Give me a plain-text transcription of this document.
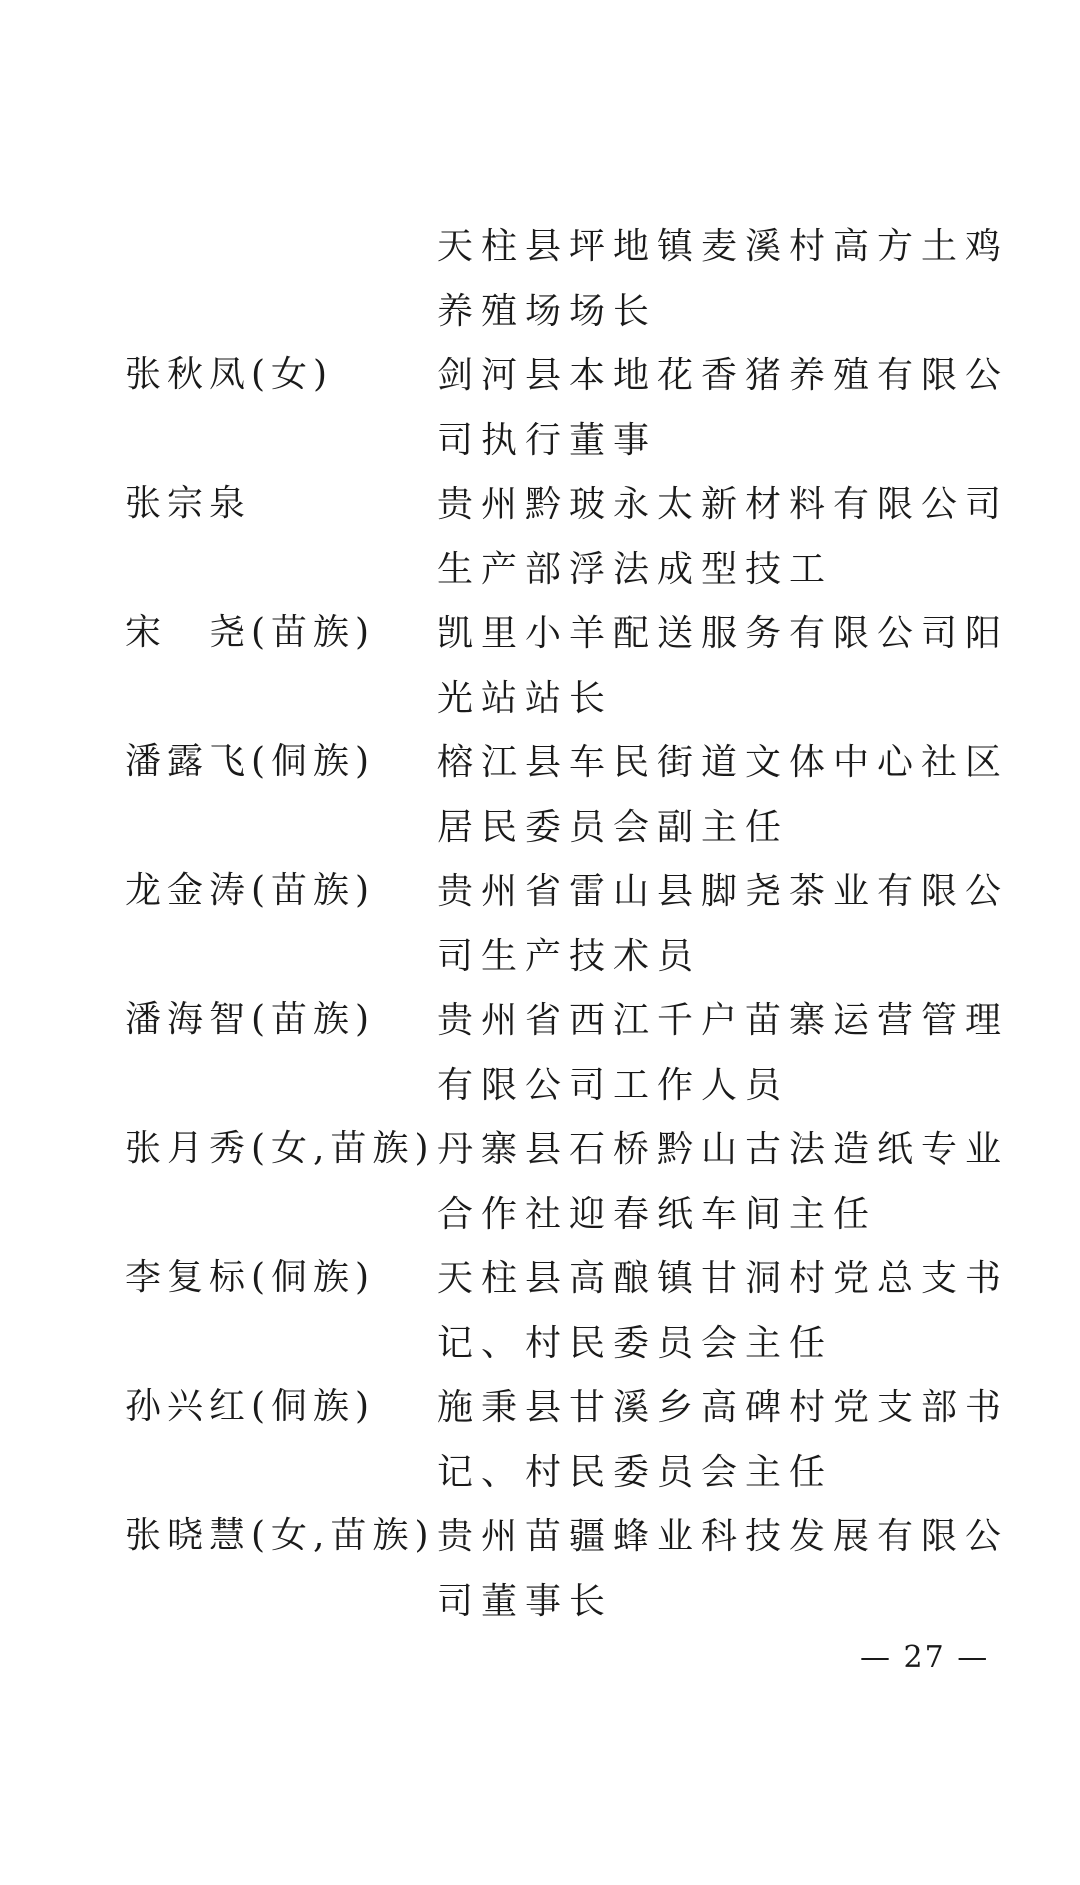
天柱县坪地镇麦溪村高方土鸡养殖场场长
张秋凤(女)	剑河县本地花香猪养殖有限公司执行董事
张宗泉	贵州黔玻永太新材料有限公司生产部浮法成型技工
宋　尧(苗族) 凯里小羊配送服务有限公司阳光站站长
潘露飞(侗族) 榕江县车民街道文体中心社区居民委员会副主任
龙金涛(苗族) 贵州省雷山县脚尧茶业有限公司生产技术员
潘海智(苗族) 贵州省西江千户苗寨运营管理有限公司工作人员
张月秀(女,苗族) 丹寨县石桥黔山古法造纸专业合作社迎春纸车间主任
李复标(侗族) 天柱县高酿镇甘洞村党总支书记、村民委员会主任
孙兴红(侗族) 施秉县甘溪乡高碑村党支部书记、村民委员会主任
张晓慧(女,苗族) 贵州苗疆蜂业科技发展有限公司董事长
— 27 —
